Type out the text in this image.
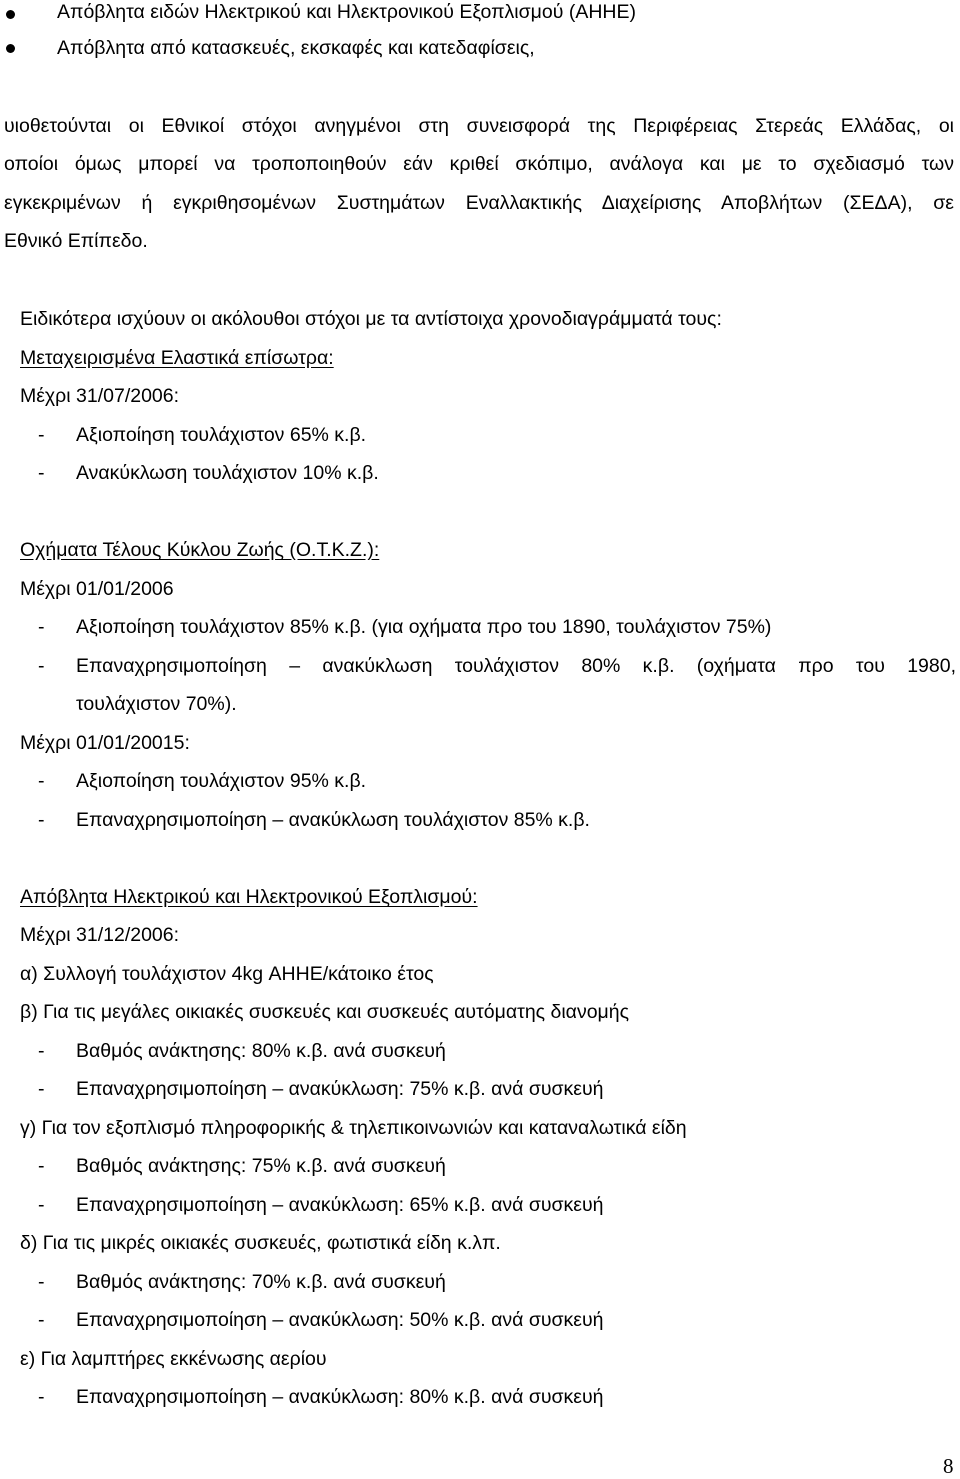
Απόβλητα ειδών Ηλεκτρικού και Ηλεκτρονικού Εξοπλισμού (ΑΗΗΕ)

Απόβλητα από κατασκευές, εκσκαφές και κατεδαφίσεις,

υιοθετούνται οι Εθνικοί στόχοι ανηγμένοι στη συνεισφορά της Περιφέρειας Στερεάς Ελλάδας, οι

οποίοι όμως μπορεί να τροποποιηθούν εάν κριθεί σκόπιμο, ανάλογα και με το σχεδιασμό των

εγκεκριμένων ή εγκριθησομένων Συστημάτων Εναλλακτικής Διαχείρισης Αποβλήτων (ΣΕΔΑ), σε

Εθνικό Επίπεδο.

Ειδικότερα ισχύουν οι ακόλουθοι στόχοι με τα αντίστοιχα χρονοδιαγράμματά τους:

Μεταχειρισμένα Ελαστικά επίσωτρα:

Μέχρι 31/07/2006:

- Αξιοποίηση τουλάχιστον 65% κ.β.

- Ανακύκλωση τουλάχιστον 10% κ.β.

Οχήματα Τέλους Κύκλου Ζωής (Ο.Τ.Κ.Ζ.):

Μέχρι 01/01/2006

- Αξιοποίηση τουλάχιστον 85% κ.β. (για οχήματα προ του 1890, τουλάχιστον 75%)

- Επαναχρησιμοποίηση – ανακύκλωση τουλάχιστον 80% κ.β. (οχήματα προ του 1980,

τουλάχιστον 70%).

Μέχρι 01/01/20015:

- Αξιοποίηση τουλάχιστον 95% κ.β.

- Επαναχρησιμοποίηση – ανακύκλωση τουλάχιστον 85% κ.β.

Απόβλητα Ηλεκτρικού και Ηλεκτρονικού Εξοπλισμού:

Μέχρι 31/12/2006:

α) Συλλογή τουλάχιστον 4kg ΑΗΗΕ/κάτοικο έτος

β) Για τις μεγάλες οικιακές συσκευές και συσκευές αυτόματης διανομής

- Βαθμός ανάκτησης: 80% κ.β. ανά συσκευή

- Επαναχρησιμοποίηση – ανακύκλωση: 75% κ.β. ανά συσκευή

γ) Για τον εξοπλισμό πληροφορικής & τηλεπικοινωνιών και καταναλωτικά είδη

- Βαθμός ανάκτησης: 75% κ.β. ανά συσκευή

- Επαναχρησιμοποίηση – ανακύκλωση: 65% κ.β. ανά συσκευή

δ) Για τις μικρές οικιακές συσκευές, φωτιστικά είδη κ.λπ.

- Βαθμός ανάκτησης: 70% κ.β. ανά συσκευή

- Επαναχρησιμοποίηση – ανακύκλωση: 50% κ.β. ανά συσκευή

ε) Για λαμπτήρες εκκένωσης αερίου

- Επαναχρησιμοποίηση – ανακύκλωση: 80% κ.β. ανά συσκευή

8
